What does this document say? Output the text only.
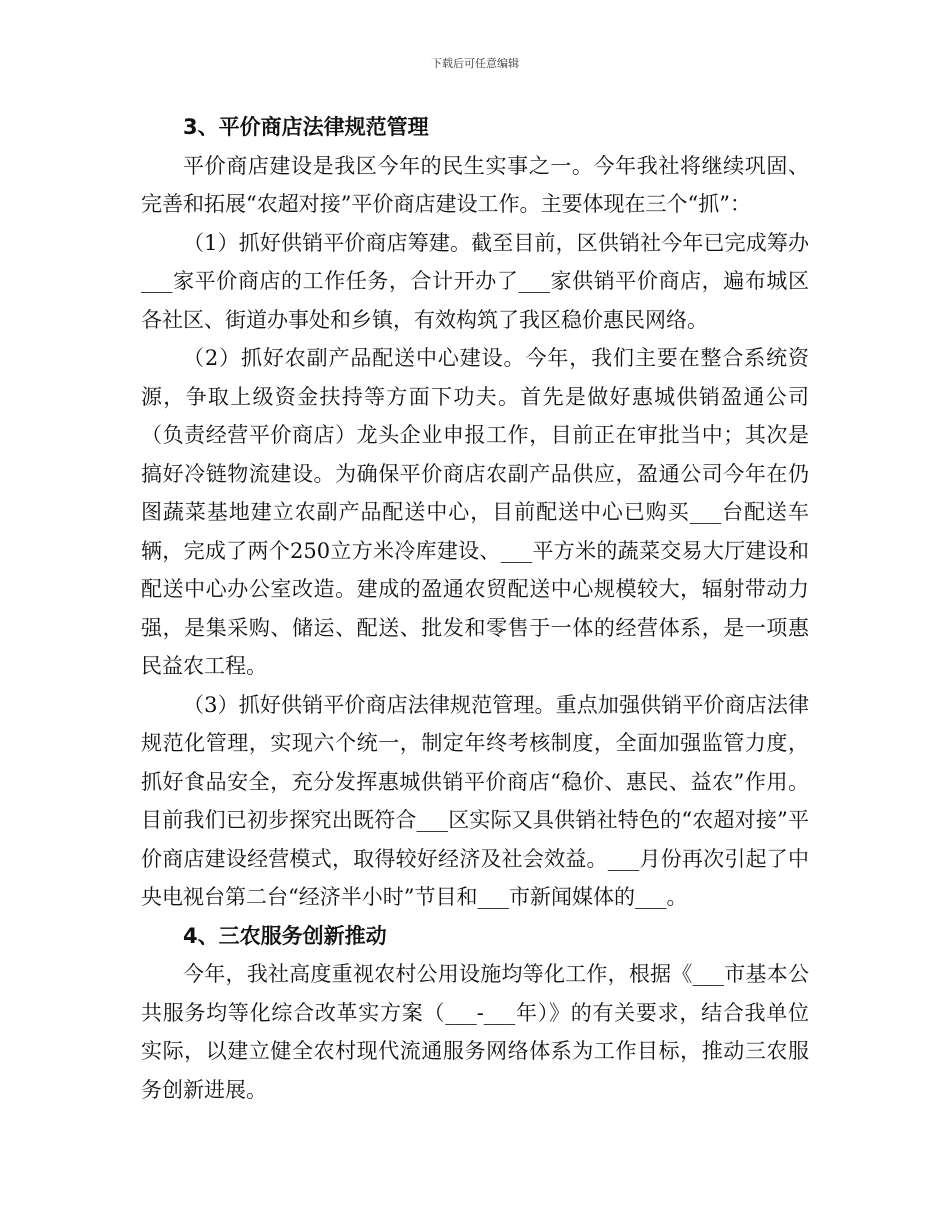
下载后可任意编辑
3、平价商店法律规范管理

平价商店建设是我区今年的民生实事之一。今年我社将继续巩固、完善和拓展“农超对接”平价商店建设工作。主要体现在三个“抓”：

（1）抓好供销平价商店筹建。截至目前，区供销社今年已完成筹办___家平价商店的工作任务，合计开办了___家供销平价商店，遍布城区各社区、街道办事处和乡镇，有效构筑了我区稳价惠民网络。

（2）抓好农副产品配送中心建设。今年，我们主要在整合系统资源，争取上级资金扶持等方面下功夫。首先是做好惠城供销盈通公司（负责经营平价商店）龙头企业申报工作，目前正在审批当中；其次是搞好冷链物流建设。为确保平价商店农副产品供应，盈通公司今年在仍图蔬菜基地建立农副产品配送中心，目前配送中心已购买___台配送车辆，完成了两个250立方米冷库建设、___平方米的蔬菜交易大厅建设和配送中心办公室改造。建成的盈通农贸配送中心规模较大，辐射带动力强，是集采购、储运、配送、批发和零售于一体的经营体系，是一项惠民益农工程。

（3）抓好供销平价商店法律规范管理。重点加强供销平价商店法律规范化管理，实现六个统一，制定年终考核制度，全面加强监管力度，抓好食品安全，充分发挥惠城供销平价商店“稳价、惠民、益农”作用。目前我们已初步探究出既符合___区实际又具供销社特色的“农超对接”平价商店建设经营模式，取得较好经济及社会效益。___月份再次引起了中央电视台第二台“经济半小时”节目和___市新闻媒体的___。

4、三农服务创新推动

今年，我社高度重视农村公用设施均等化工作，根据《___市基本公共服务均等化综合改革实方案（___-___年）》的有关要求，结合我单位实际，以建立健全农村现代流通服务网络体系为工作目标，推动三农服务创新进展。
